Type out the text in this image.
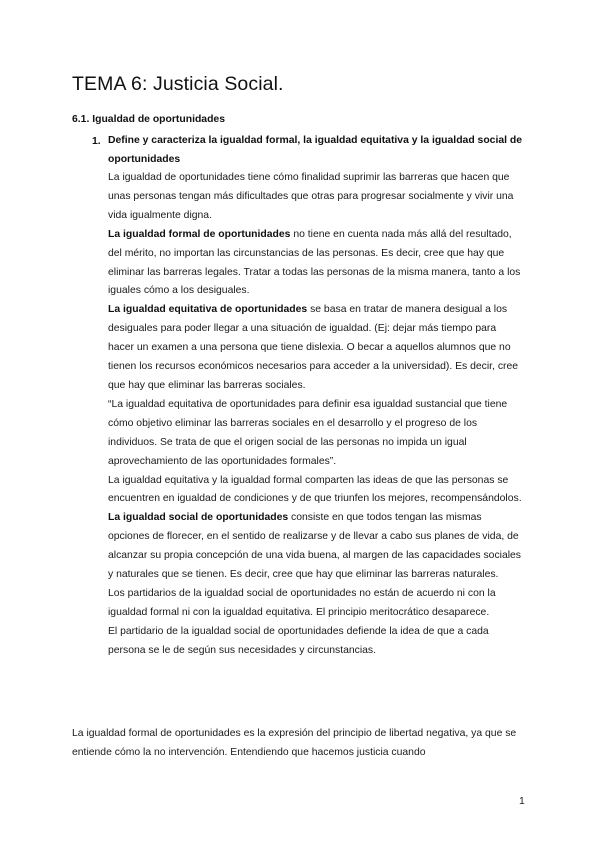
TEMA 6: Justicia Social.
6.1. Igualdad de oportunidades
1. Define y caracteriza la igualdad formal, la igualdad equitativa y la igualdad social de oportunidades

La igualdad de oportunidades tiene cómo finalidad suprimir las barreras que hacen que unas personas tengan más dificultades que otras para progresar socialmente y vivir una vida igualmente digna.

La igualdad formal de oportunidades no tiene en cuenta nada más allá del resultado, del mérito, no importan las circunstancias de las personas. Es decir, cree que hay que eliminar las barreras legales. Tratar a todas las personas de la misma manera, tanto a los iguales cómo a los desiguales.

La igualdad equitativa de oportunidades se basa en tratar de manera desigual a los desiguales para poder llegar a una situación de igualdad. (Ej: dejar más tiempo para hacer un examen a una persona que tiene dislexia. O becar a aquellos alumnos que no tienen los recursos económicos necesarios para acceder a la universidad). Es decir, cree que hay que eliminar las barreras sociales.

“La igualdad equitativa de oportunidades para definir esa igualdad sustancial que tiene cómo objetivo eliminar las barreras sociales en el desarrollo y el progreso de los individuos. Se trata de que el origen social de las personas no impida un igual aprovechamiento de las oportunidades formales”.

La igualdad equitativa y la igualdad formal comparten las ideas de que las personas se encuentren en igualdad de condiciones y de que triunfen los mejores, recompensándolos.

La igualdad social de oportunidades consiste en que todos tengan las mismas opciones de florecer, en el sentido de realizarse y de llevar a cabo sus planes de vida, de alcanzar su propia concepción de una vida buena, al margen de las capacidades sociales y naturales que se tienen. Es decir, cree que hay que eliminar las barreras naturales.

Los partidarios de la igualdad social de oportunidades no están de acuerdo ni con la igualdad formal ni con la igualdad equitativa. El principio meritocrático desaparece.

El partidario de la igualdad social de oportunidades defiende la idea de que a cada persona se le de según sus necesidades y circunstancias.

La igualdad formal de oportunidades es la expresión del principio de libertad negativa, ya que se entiende cómo la no intervención. Entendiendo que hacemos justicia cuando

1
